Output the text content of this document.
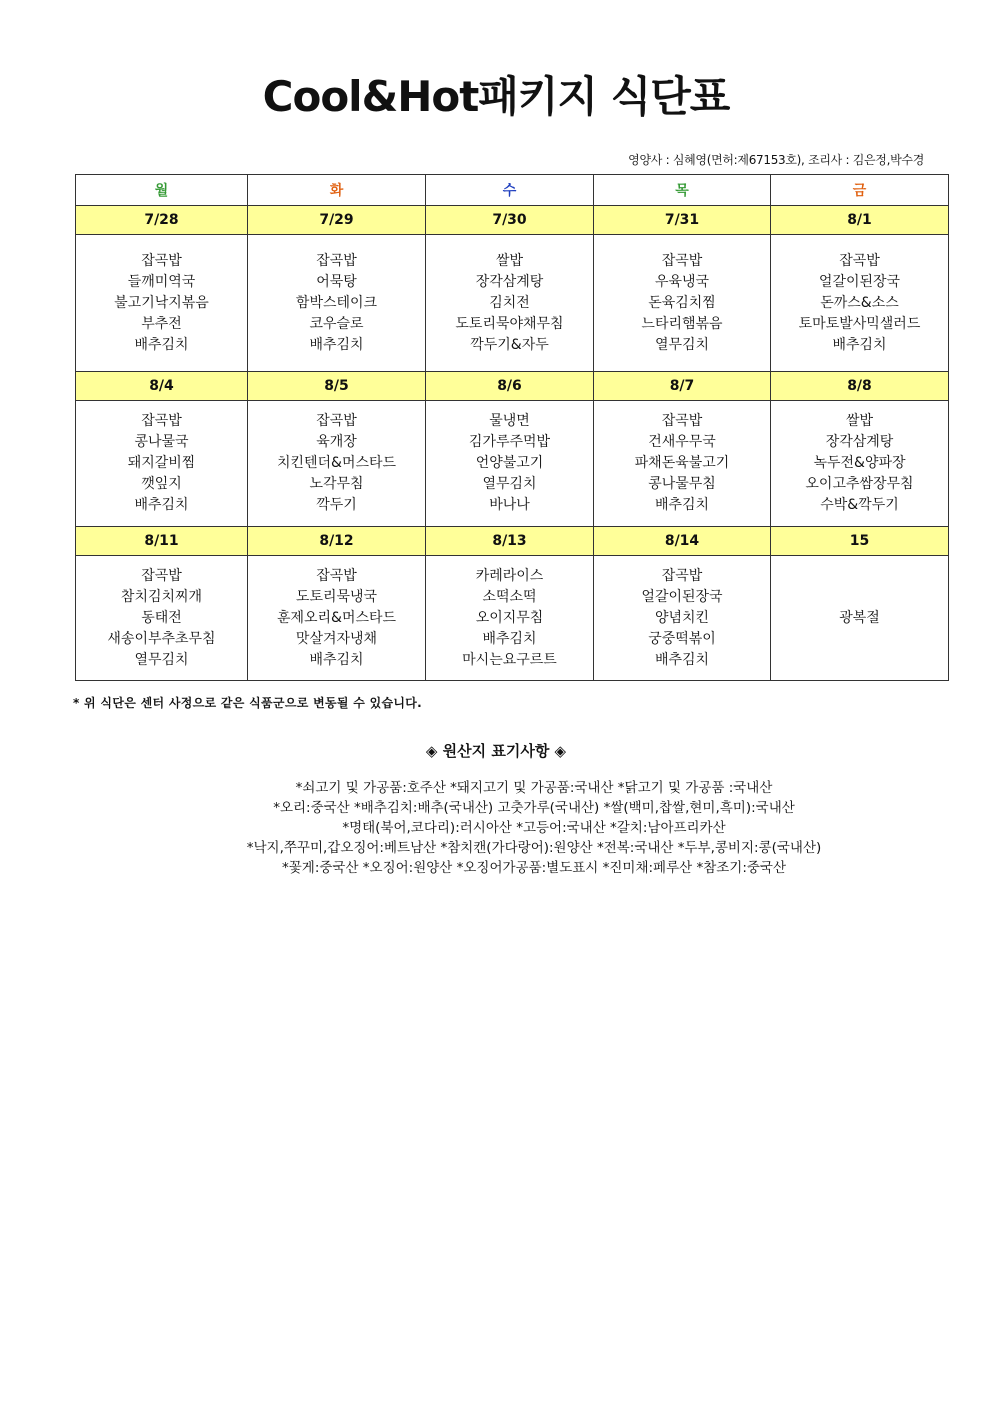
Cool&Hot패키지 식단표
영양사 : 심혜영(면허:제67153호), 조리사 : 김은정,박수경
월	화	수	목	금
7/28	7/29	7/30	7/31	8/1

잡곡밥
들깨미역국
불고기낙지볶음
부추전
배추김치	잡곡밥
어묵탕
함박스테이크
코우슬로
배추김치	쌀밥
장각삼계탕
김치전
도토리묵야채무침
깍두기&자두	잡곡밥
우육냉국
돈육김치찜
느타리햄볶음
열무김치	잡곡밥
얼갈이된장국
돈까스&소스
토마토발사믹샐러드
배추김치

8/4	8/5	8/6	8/7	8/8

잡곡밥
콩나물국
돼지갈비찜
깻잎지
배추김치	잡곡밥
육개장
치킨텐더&머스타드
노각무침
깍두기	물냉면
김가루주먹밥
언양불고기
열무김치
바나나	잡곡밥
건새우무국
파채돈육불고기
콩나물무침
배추김치	쌀밥
장각삼계탕
녹두전&양파장
오이고추쌈장무침
수박&깍두기

8/11	8/12	8/13	8/14	15

잡곡밥
참치김치찌개
동태전
새송이부추초무침
열무김치	잡곡밥
도토리묵냉국
훈제오리&머스타드
맛살겨자냉채
배추김치	카레라이스
소떡소떡
오이지무침
배추김치
마시는요구르트	잡곡밥
얼갈이된장국
양념치킨
궁중떡볶이
배추김치	광복절
* 위 식단은 센터 사정으로 같은 식품군으로 변동될 수 있습니다.
◈ 원산지 표기사항 ◈
*쇠고기 및 가공품:호주산 *돼지고기 및 가공품:국내산 *닭고기 및 가공품 :국내산
*오리:중국산 *배추김치:배추(국내산) 고춧가루(국내산) *쌀(백미,찹쌀,현미,흑미):국내산
*명태(북어,코다리):러시아산 *고등어:국내산 *갈치:남아프리카산
*낙지,쭈꾸미,갑오징어:베트남산 *참치캔(가다랑어):원양산 *전복:국내산 *두부,콩비지:콩(국내산)
*꽃게:중국산 *오징어:원양산 *오징어가공품:별도표시 *진미채:페루산 *참조기:중국산
